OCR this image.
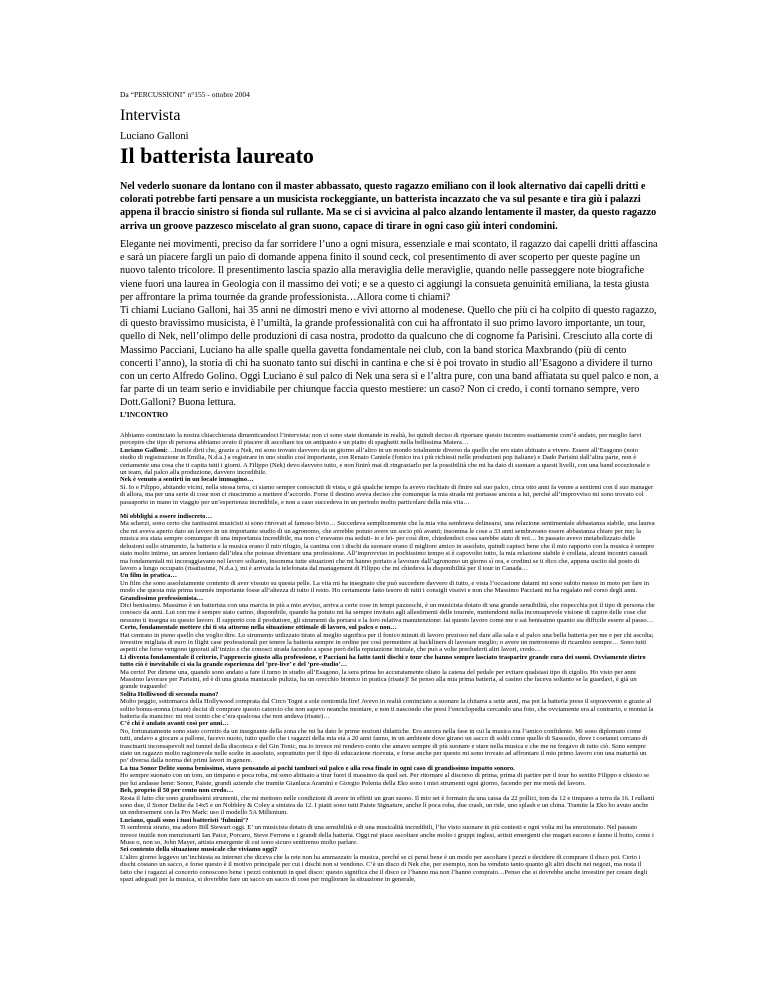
Da “PERCUSSIONI” n°155 - ottobre 2004

Intervista

Luciano Galloni

Il batterista laureato

Nel vederlo suonare da lontano con il master abbassato, questo ragazzo emiliano con il look alternativo dai capelli dritti e colorati potrebbe farti pensare a un musicista rockeggiante, un batterista incazzato che va sul pesante e tira giù i palazzi appena il braccio sinistro si fionda sul rullante. Ma se ci si avvicina al palco alzando lentamente il master, da questo ragazzo arriva un groove pazzesco miscelato al gran suono, capace di tirare in ogni caso giù interi condomini.

Elegante nei movimenti, preciso da far sorridere l’uno a ogni misura, essenziale e mai scontato, il ragazzo dai capelli dritti affascina e sarà un piacere fargli un paio di domande appena finito il sound ceck, col presentimento di aver scoperto per queste pagine un nuovo talento tricolore. Il presentimento lascia spazio alla meraviglia delle meraviglie, quando nelle passeggere note biografiche viene fuori una laurea in Geologia con il massimo dei voti; e se a questo ci aggiungi la consueta genuinità emiliana, la testa giusta per affrontare la prima tournée da grande professionista…Allora come ti chiami?

Ti chiami Luciano Galloni, hai 35 anni ne dimostri meno e vivi attorno al modenese. Quello che più ci ha colpito di questo ragazzo, di questo bravissimo musicista, è l’umiltà, la grande professionalità con cui ha affrontato il suo primo lavoro importante, un tour, quello di Nek, nell’olimpo delle produzioni di casa nostra, prodotto da qualcuno che di cognome fa Parisini. Cresciuto alla corte di Massimo Pacciani, Luciano ha alle spalle quella gavetta fondamentale nei club, con la band storica Maxbrando (più di cento concerti l’anno), la storia di chi ha suonato tanto sui dischi in cantina e che si è poi trovato in studio all’Esagono a dividere il turno con un certo Alfredo Golino. Oggi Luciano è sul palco di Nek una sera sì e l’altra pure, con una band affiatata su quel palco e non, a far parte di un team serio e invidiabile per chiunque faccia questo mestiere: un caso? Non ci credo, i conti tornano sempre, vero Dott.Galloni? Buona lettura.

L’INCONTRO

Abbiamo cominciato la nostra chiacchierata dimenticandoci l’intervista: non ci sono state domande in realtà, ho quindi deciso di riportare questo incontro esattamente com’è andato, per meglio farvi percepire che tipo di persona abbiamo avuto il piacere di ascoltare tra un antipasto e un piatto di spaghetti nella bellissima Matera…

Luciano Galloni:…Inutile dirti che, grazie a Nek, mi sono trovato davvero da un giorno all’altro in un mondo totalmente diverso da quello che ero stato abituato a vivere. Essere all’Esagono (noto studio di registrazione in Emilia, N.d.a.) a registrare in uno studio così importante, con Renato Cantele (fonico tra i più richiesti nelle produzioni pop italiane) e Dado Parisini dall’altra parte, non è certamente una cosa che ti capita tutti i giorni. A Filippo (Nek) devo davvero tutto, e non finirò mai di ringraziarlo per la possibilità che mi ha dato di suonare a questi livelli, con una band eccezionale e un team, dal palco alla produzione, davvero incredibile.

Nek è venuto a sentirti in un locale immagino…

Sì. Io e Filippo, abitando vicini, nella stessa terra, ci siamo sempre conosciuti di vista, e già qualche tempo fa avevo rischiato di finire sul suo palco, circa otto anni fa venne a sentirmi con il suo manager di allora, ma per una serie di cose non ci riuscimmo a mettere d’accordo. Forse il destino aveva deciso che comunque la mia strada mi portasse ancora a lui, perché all’improvviso mi sono trovato col passaporto in mano in viaggio per un’esperienza incredibile, e non a caso succedeva in un periodo molto particolare della mia vita…

Mi obblighi a essere indiscreto…

Ma scherzi, sono certo che tantissimi musicisti si sono ritrovati al famoso bivio… Succedeva semplicemente che la mia vita sembrava delinearsi, una relazione sentimentale abbastanza stabile, una laurea che mi aveva aperto dato un lavoro in un importante studio di un agronomo, che avrebbe potuto avere un socio più avanti; insomma le cose a 33 anni sembravano essere abbastanza chiare per me; la musica era stata sempre comunque di una importanza incredibile, ma non c’eravamo ma seduti- io e lei- per così dire, chiedendoci cosa sarebbe stato di noi… In passato avevo metabolizzato delle delusioni sullo strumento, la batteria e la musica erano il mio rifugio, la cantina con i dischi da suonare erano il migliore amico in assoluto, quindi capisci bene che il mio rapporto con la musica è sempre stato molto intimo, un amore lontano dall’idea che potesse diventare una professione. All’improvviso in pochissimo tempo si è capovolto tutto, la mia relazione stabile è crollata, alcuni incontri casuali ma fondamentali mi incoraggiavano nel lavoro soltanto, insomma tutte situazioni che mi hanno portato a lavorare dall’agronomo un giorno sì ora, e credimi se ti dico che, appena uscito dal posto di lavoro a lungo occupato (risatissime, N.d.a.), mi è arrivata la telefonata dal management di Filippo che mi chiedeva la disponibilità per il tour in Canada…

Un film in pratica…

Un film che sono assolutamente contento di aver vissuto su questa pelle. La vita mi ha insegnato che può succedere davvero di tutto, e vista l’occasione datami mi sono subito messo in moto per fare in modo che questa mia prima tournée importante fosse all’altezza di tutto il resto. Ho certamente fatto tesoro di tutti i consigli vissivi e non che Massimo Pacciani mi ha regalato nel corso degli anni.

Grandissimo professionista…

Dici benissimo. Massimo è un batterista con una marcia in più a mio avviso, arriva a certe cose in tempi pazzeschi, è un musicista dotato di una grande sensibilità, che rispecchia poi il tipo di persona che conosco da anni. Lui con me è sempre stato carino, disponibile, quando ha potuto mi ha sempre invitato agli allestimenti delle tournée, mettendomi nella inconsapevole visione di capire delle cose che nessuno ti insegna su questo lavoro. Il rapporto con il produttore, gli strumenti da portarsi e la loro relativa manutenzione: fai questo lavoro come me e sai benissimo quanto sia difficile essere al passo…

Certo, fondamentale mettere chi ti sta attorno nella situazione ottimale di lavoro, sul palco e non…

Hai centrato in pieno quello che voglio dire. Lo strumento utilizzato tirato al meglio significa per il fonico minuti di lavoro prezioso nel dare alla sala e al palco una bella batteria per me e per chi ascolta; investire migliaia di euro in flight case professionali per tenere la batteria sempre in ordine per così permettere ai backliners di lavorare meglio; o avere un metronomo di ricambio sempre… Sono tutti aspetti che forse vengono ignorati all’inizio e che conosci strada facendo a spese però della reputazione iniziale, che può a volte precluderti altri lavori, credo…

Li diventa fondamentale il criterio, l’approccio giusto alla professione, e Pacciani ha fatto tanti dischi e tour che hanno sempre lasciato trasparire grande cura dei suoni. Ovviamente dietro tutto ciò è inevitabile ci sia la grande esperienza del ‘pre-live’ e del ‘pre-studio’…

Ma certo! Per dirtene una, quando sono andato a fare il turno in studio all’Esagono, la sera prima ho accuratamente oliato la catena del pedale per evitare qualsiasi tipo di cigolio. Ho visto per anni Massimo lavorare per Parisini, ed è di una giusta maniacale pulizia, ha un orecchio bionico in pratica (risate)! Se penso alla mia prima batteria, al casino che faceva soltanto se la guardavi, è già un grande traguardo!

Solita Holliwood di seconda mano?

Molto peggio, sottomarca della Hollywood comprata dal Circo Togni a sole centomila lire! Avevo in realtà cominciato a suonare la chitarra a sette anni, ma poi la batteria prese il sopravvento e grazie al solito bonus-nonna (risate) decisi di comprare questo catorcio che non sapevo neanche montare, e non ti nascondo che presi l’enciclopedia cercando una foto, che ovviamente era al contrario, e montai la batteria da mancino: mi resi conto che c’era qualcosa che non andava (risate)…

C’è chi è andato avanti così per anni…

No, fortunatamente sono stato corretto da un insegnante della zona che mi ha dato le prime nozioni didattiche. Ero ancora nella fase in cui la musica era l’amico confidente. Mi sono diplomato come tutti, andavo a giocare a pallone, facevo nuoto, tutto quello che i ragazzi della mia età a 20 anni fanno, in un ambiente dove girano un sacco di soldi come quello di Sassuolo, dove i coetanei cercano di trascinarti inconsapevoli nel tunnel della discoteca e del Gin Tonic, ma io invece mi rendevo conto che amavo sempre di più suonare e stare nella musica e che me ne fregavo di tutto ciò. Sono sempre stato un ragazzo molto ragionevole nelle scelte in assoluto, soprattutto per il tipo di educazione ricevuta, e forse anche per questo mi sono trovato ad affrontare il mio primo lavoro con una maturità un po’ diversa dalla norma dei primi lavori in genere.

La tua Sonor Delite suona benissimo, stavo pensando ai pochi tamburi sul palco e alla resa finale in ogni caso di grandissimo impatto sonoro.

Ho sempre suonato con un tom, un timpano e poca roba, mi sono abituato a tirar fuori il massimo da quel set. Per ritornare al discorso di prima, prima di partire per il tour ho sentito Filippo e chiesto se per lui andasse bene: Sonor, Paiste, grandi aziende che tramite Gianluca Aramini e Giorgio Polenta della Eko sono i miei strumenti ogni giorno, facendo per me metà del lavoro.

Beh, proprio il 50 per cento non credo…

Resta il fatto che sono grandissimi strumenti, che mi mettono nelle condizioni di avere in effetti un gran suono. Il mio set è formato da una cassa da 22 pollici, tom da 12 e timpano a terra da 16. I rullanti sono due, il Sonor Delite da 14x5 e un Nobbley & Coley a sinistra da 12. I piatti sono tutti Paiste Signature, anche lì poca roba, due crash, un ride, uno splash e un china. Tramite la Eko ho avuto anche un endorsement con la Pro Mark: uso il modello 5A Millenium.

Luciano, quali sono i tuoi batteristi ‘fulmini’?

Ti sembrerà strano, ma adoro Bill Stewart oggi. E’ un musicista dotato di una sensibilità e di una musicalità incredibili, l’ho visto suonare in più contesti e ogni volta mi ha emozionato. Nel passato invece inutile non menzionarti Ian Paice, Porcaro, Steve Ferrone e i grandi della batteria. Oggi mi piace ascoltare anche molto i gruppi inglesi, artisti emergenti che magari escono e fanno il botto, come i Muse o, non so, John Mayer, artista emergente di cui sono sicuro sentiremo molto parlare.

Sei contento della situazione musicale che viviamo oggi?

L’altro giorno leggevo un’inchiesta su internet che diceva che la rete non ha ammazzato la musica, perché se ci pensi bene è un modo per ascoltare i pezzi e decidere di comprare il disco poi. Certo i dischi costano un sacco, e forse questo è il motivo principale per cui i dischi non si vendono. C’è un disco di Nek che, per esempio, non ha venduto tanto quanto gli altri dischi nei negozi, ma resta il fatto che i ragazzi al concerto conoscono bene i pezzi contenuti in quel disco: questo significa che il disco ce l’hanno ma non l’hanno comprato…Penso che si dovrebbe anche investire per creare degli spazi adeguati per la musica, si dovrebbe fare un sacco un sacco di cose per migliorare la situazione in generale,
